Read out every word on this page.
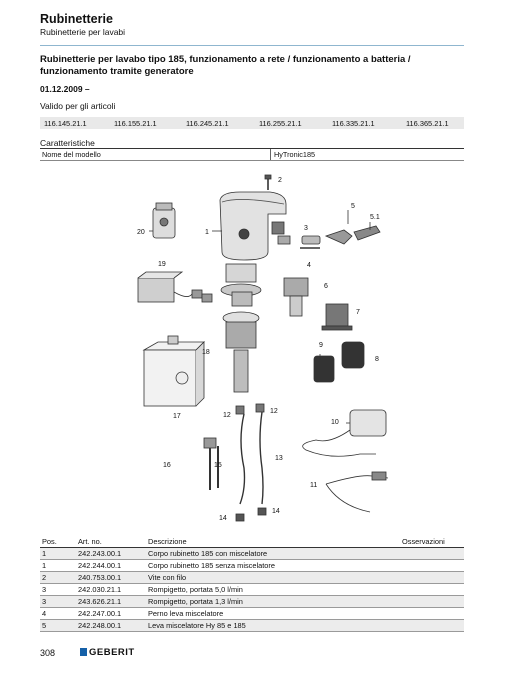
Rubinetterie
Rubinetterie per lavabi
Rubinetterie per lavabo tipo 185, funzionamento a rete / funzionamento a batteria / funzionamento tramite generatore
01.12.2009 –
Valido per gli articoli
116.145.21.1	116.155.21.1	116.245.21.1	116.255.21.1	116.335.21.1	116.365.21.1
Caratteristiche
Nome del modello	HyTronic185
1
2
3
4
5
5.1
6
7
8
9
10
11
12
12
13
14
14
15
16
17
18
19
20
Pos.	Art. no.	Descrizione	Osservazioni
1	242.243.00.1	Corpo rubinetto 185 con miscelatore	
1	242.244.00.1	Corpo rubinetto 185 senza miscelatore	
2	240.753.00.1	Vite con filo	
3	242.030.21.1	Rompigetto, portata 5,0 l/min	
3	243.626.21.1	Rompigetto, portata 1,3 l/min	
4	242.247.00.1	Perno leva miscelatore	
5	242.248.00.1	Leva miscelatore Hy 85 e 185	
308	GEBERIT
